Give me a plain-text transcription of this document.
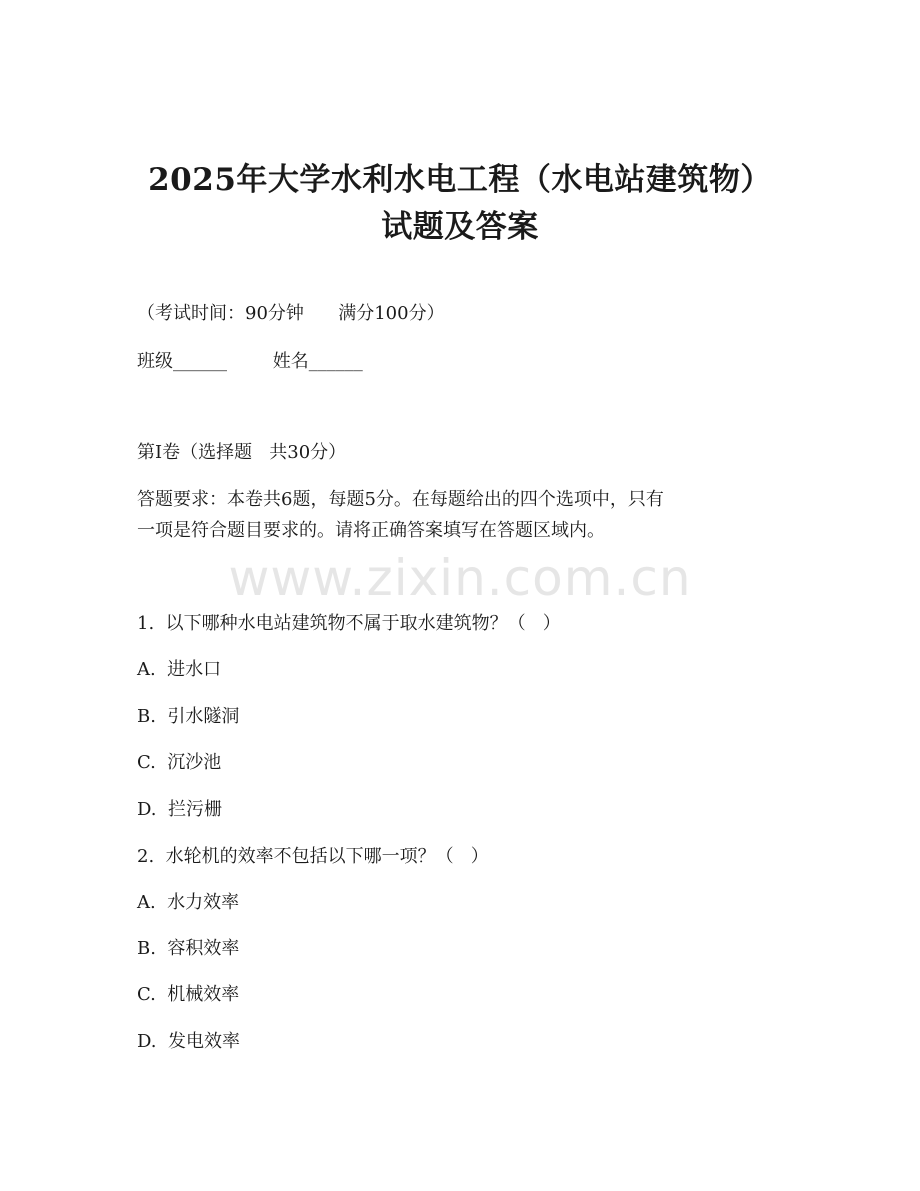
2025年大学水利水电工程（水电站建筑物）
试题及答案
（考试时间：90分钟      满分100分）
班级______        姓名______
第I卷（选择题   共30分）
答题要求：本卷共6题，每题5分。在每题给出的四个选项中，只有
一项是符合题目要求的。请将正确答案填写在答题区域内。
www.zixin.com.cn
1.  以下哪种水电站建筑物不属于取水建筑物？（   ）
A.  进水口
B.  引水隧洞
C.  沉沙池
D.  拦污栅
2.  水轮机的效率不包括以下哪一项？（   ）
A.  水力效率
B.  容积效率
C.  机械效率
D.  发电效率
